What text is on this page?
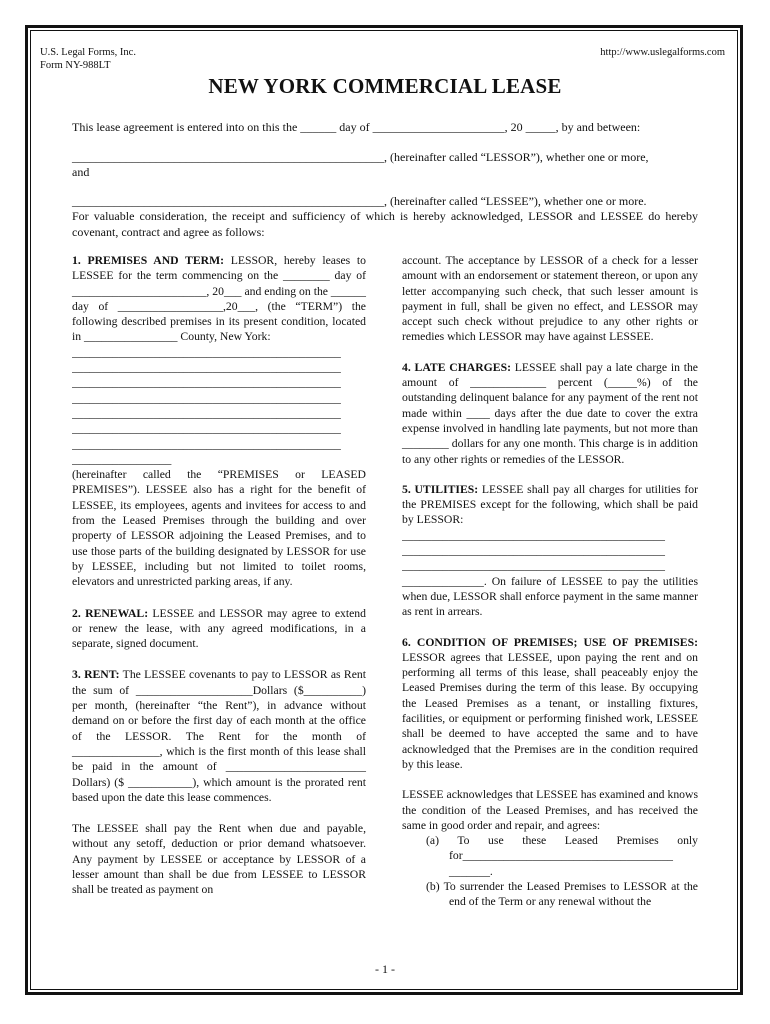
U.S. Legal Forms, Inc.
Form NY-988LT
http://www.uslegalforms.com
NEW YORK COMMERCIAL LEASE
This lease agreement is entered into on this the ______ day of ______________________, 20 _____, by and between:
____________________________________________________, (hereinafter called “LESSOR”), whether one or more,
and
____________________________________________________, (hereinafter called “LESSEE”), whether one or more.
For valuable consideration, the receipt and sufficiency of which is hereby acknowledged, LESSOR and LESSEE do hereby covenant, contract and agree as follows:

1. PREMISES AND TERM: LESSOR, hereby leases to LESSEE for the term commencing on the ________ day of _______________________, 20___ and ending on the ______ day of __________________,20___, (the “TERM”) the following described premises in its present condition, located in ________________ County, New York:

______________________________________________

______________________________________________

______________________________________________

______________________________________________

______________________________________________

______________________________________________

______________________________________________

_________________

(hereinafter called the “PREMISES or LEASED PREMISES”). LESSEE also has a right for the benefit of LESSEE, its employees, agents and invitees for access to and from the Leased Premises through the building and over property of LESSOR adjoining the Leased Premises, and to use those parts of the building designated by LESSOR for use by LESSEE, including but not limited to toilet rooms, elevators and unrestricted parking areas, if any.

2. RENEWAL: LESSEE and LESSOR may agree to extend or renew the lease, with any agreed modifications, in a separate, signed document.

3. RENT: The LESSEE covenants to pay to LESSOR as Rent the sum of ____________________Dollars ($__________) per month, (hereinafter “the Rent”), in advance without demand on or before the first day of each month at the office of the LESSOR. The Rent for the month of _______________, which is the first month of this lease shall be paid in the amount of ________________________ Dollars) ($ ___________), which amount is the prorated rent based upon the date this lease commences.

The LESSEE shall pay the Rent when due and payable, without any setoff, deduction or prior demand whatsoever. Any payment by LESSEE or acceptance by LESSOR of a lesser amount than shall be due from LESSEE to LESSOR shall be treated as payment on

account. The acceptance by LESSOR of a check for a lesser amount with an endorsement or statement thereon, or upon any letter accompanying such check, that such lesser amount is payment in full, shall be given no effect, and LESSOR may accept such check without prejudice to any other rights or remedies which LESSOR may have against LESSEE.

4. LATE CHARGES: LESSEE shall pay a late charge in the amount of _____________ percent (_____%) of the outstanding delinquent balance for any payment of the rent not made within ____ days after the due date to cover the extra expense involved in handling late payments, but not more than ________ dollars for any one month. This charge is in addition to any other rights or remedies of the LESSOR.

5. UTILITIES: LESSEE shall pay all charges for utilities for the PREMISES except for the following, which shall be paid by LESSOR:

_____________________________________________

_____________________________________________

_____________________________________________

______________. On failure of LESSEE to pay the utilities when due, LESSOR shall enforce payment in the same manner as rent in arrears.

6. CONDITION OF PREMISES; USE OF PREMISES: LESSOR agrees that LESSEE, upon paying the rent and on performing all terms of this lease, shall peaceably enjoy the Leased Premises during the term of this lease. By occupying the Leased Premises as a tenant, or installing fixtures, facilities, or equipment or performing finished work, LESSEE shall be deemed to have accepted the same and to have acknowledged that the Premises are in the condition required by this lease.

LESSEE acknowledges that LESSEE has examined and knows the condition of the Leased Premises, and has received the same in good order and repair, and agrees:

(a) To use these Leased Premises only for____________________________________

_______.

(b) To surrender the Leased Premises to LESSOR at the end of the Term or any renewal without the

- 1 -
